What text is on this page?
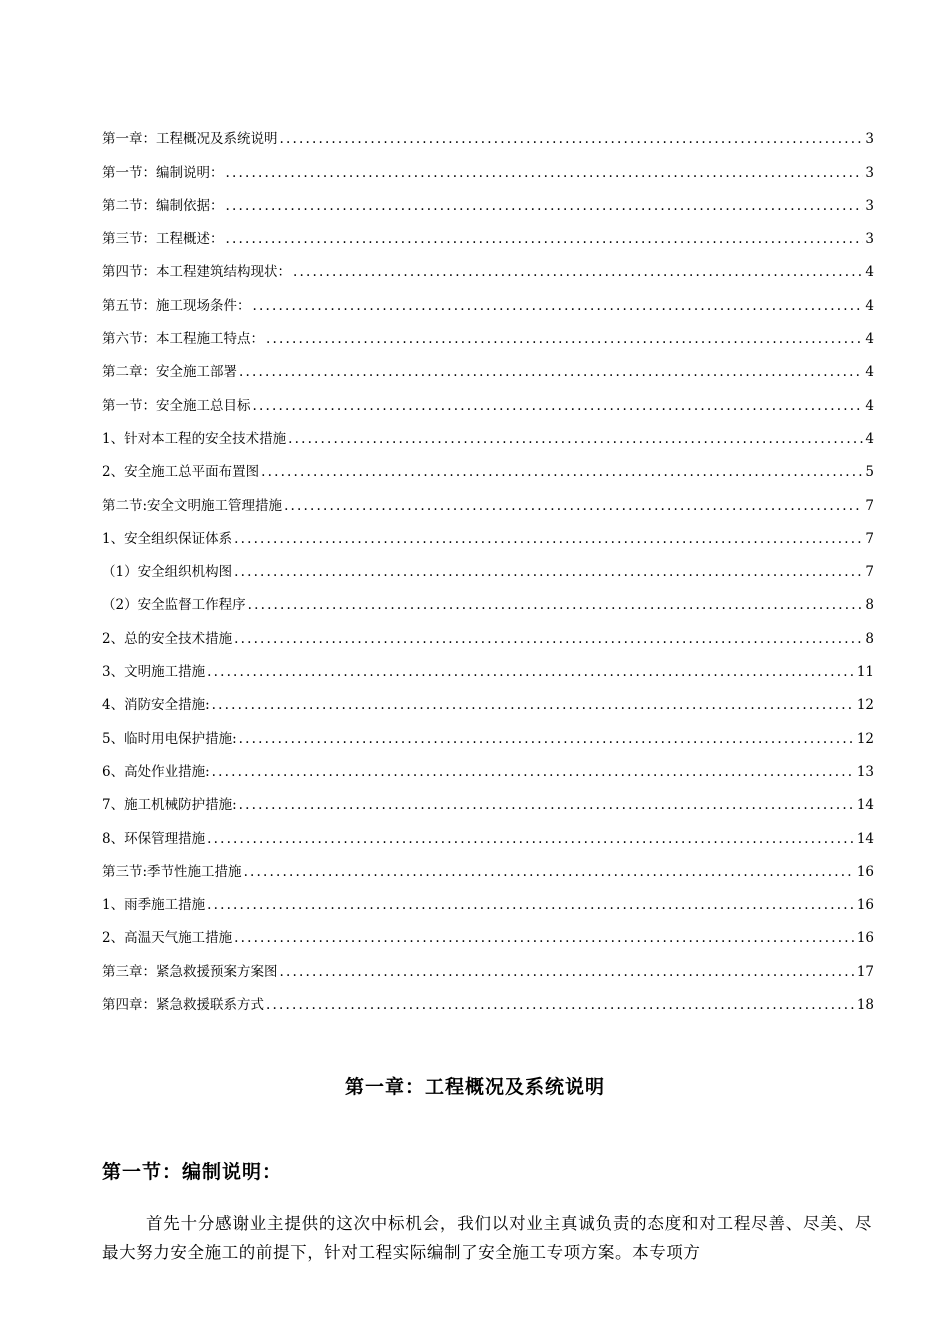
第一章：工程概况及系统说明 .....	3
第一节：编制说明： .....	3
第二节：编制依据： .....	3
第三节：工程概述： .....	3
第四节：本工程建筑结构现状： .....	4
第五节：施工现场条件： .....	4
第六节：本工程施工特点： .....	4
第二章：安全施工部署 .....	4
第一节：安全施工总目标 .....	4
1、针对本工程的安全技术措施 .....	4
2、安全施工总平面布置图 .....	5
第二节:安全文明施工管理措施 .....	7
1、安全组织保证体系 .....	7
（1）安全组织机构图 .....	7
（2）安全监督工作程序 .....	8
2、总的安全技术措施 .....	8
3、文明施工措施 .....	11
4、消防安全措施: .....	12
5、临时用电保护措施: .....	12
6、高处作业措施: .....	13
7、施工机械防护措施: .....	14
8、环保管理措施 .....	14
第三节:季节性施工措施 .....	16
1、雨季施工措施 .....	16
2、高温天气施工措施 .....	16
第三章：紧急救援预案方案图 .....	17
第四章：紧急救援联系方式 .....	18
第一章：工程概况及系统说明
第一节：编制说明：
首先十分感谢业主提供的这次中标机会，我们以对业主真诚负责的态度和对工程尽善、尽美、尽最大努力安全施工的前提下，针对工程实际编制了安全施工专项方案。本专项方
